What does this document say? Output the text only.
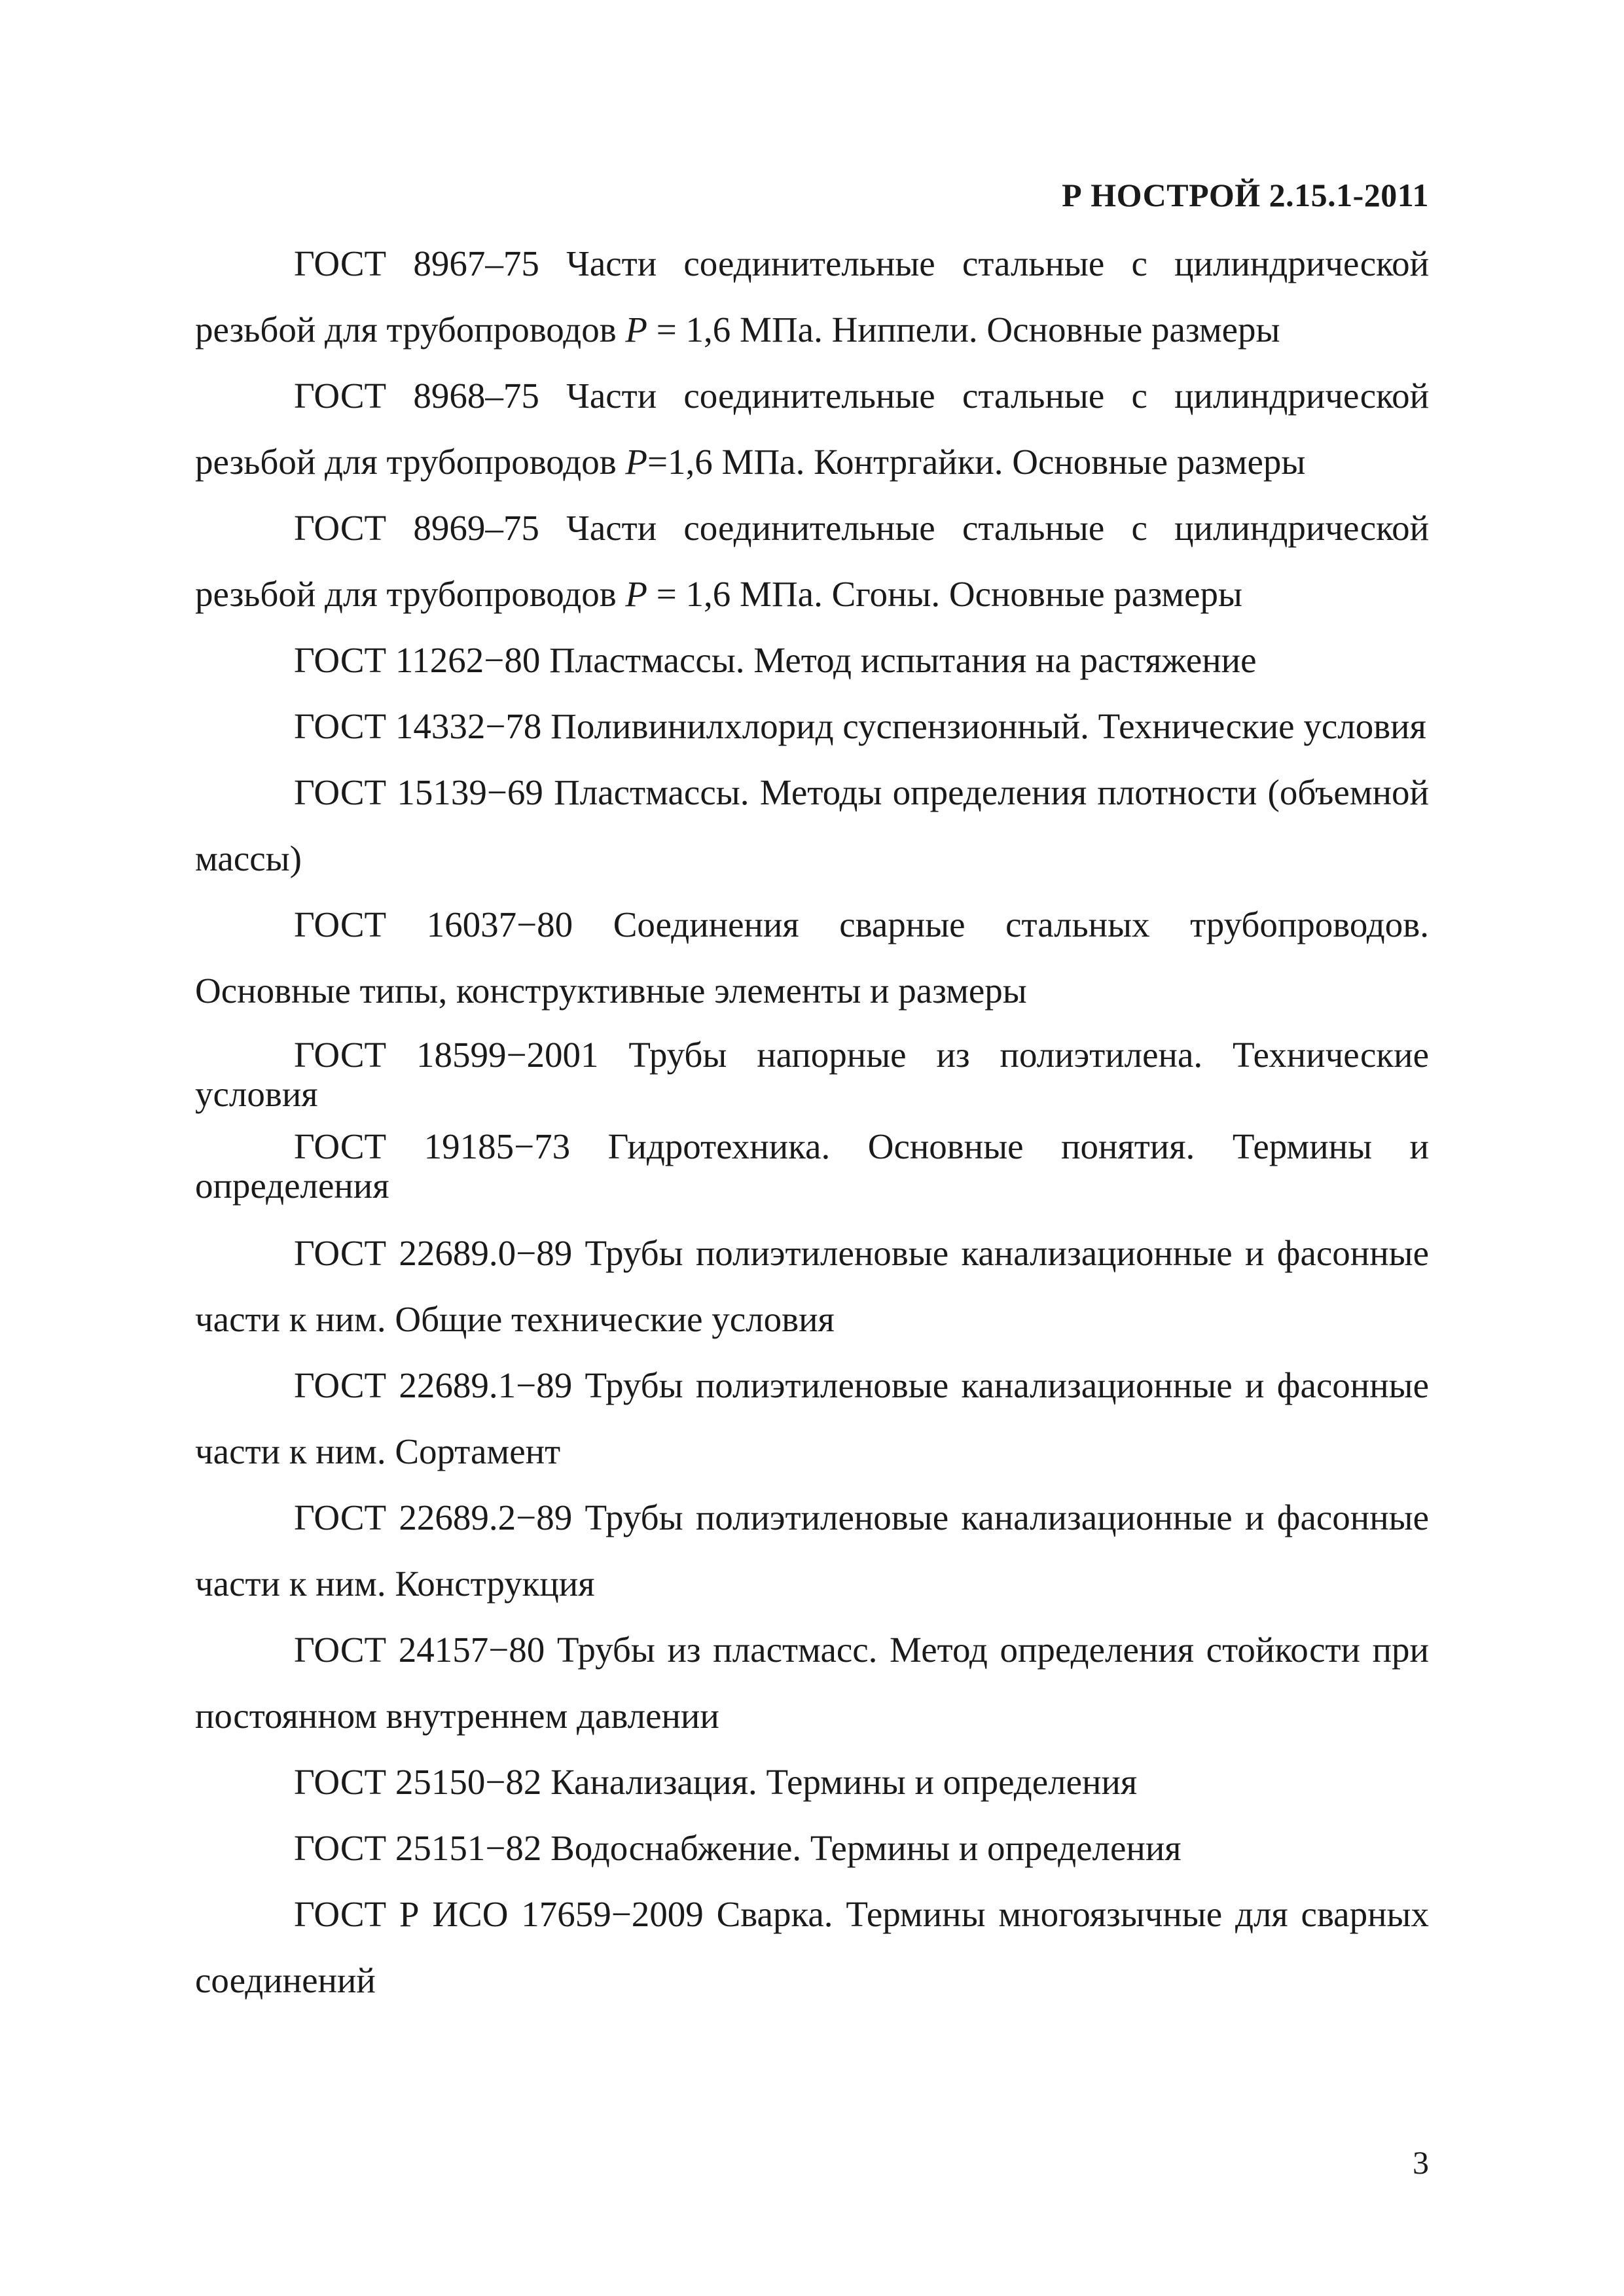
Р НОСТРОЙ 2.15.1-2011

ГОСТ 8967–75 Части соединительные стальные с цилиндрической резьбой для трубопроводов P = 1,6 МПа. Ниппели. Основные размеры

ГОСТ 8968–75 Части соединительные стальные с цилиндрической резьбой для трубопроводов P=1,6 МПа. Контргайки. Основные размеры

ГОСТ 8969–75 Части соединительные стальные с цилиндрической резьбой для трубопроводов P = 1,6 МПа. Сгоны. Основные размеры

ГОСТ 11262−80 Пластмассы. Метод испытания на растяжение

ГОСТ 14332−78 Поливинилхлорид суспензионный. Технические условия

ГОСТ 15139−69 Пластмассы. Методы определения плотности (объемной массы)

ГОСТ 16037−80 Соединения сварные стальных трубопроводов. Основные типы, конструктивные элементы и размеры

ГОСТ 18599−2001 Трубы напорные из полиэтилена. Технические условия

ГОСТ 19185−73 Гидротехника. Основные понятия. Термины и определения

ГОСТ 22689.0−89 Трубы полиэтиленовые канализационные и фасонные части к ним. Общие технические условия

ГОСТ 22689.1−89 Трубы полиэтиленовые канализационные и фасонные части к ним. Сортамент

ГОСТ 22689.2−89 Трубы полиэтиленовые канализационные и фасонные части к ним. Конструкция

ГОСТ 24157−80 Трубы из пластмасс. Метод определения стойкости при постоянном внутреннем давлении

ГОСТ 25150−82 Канализация. Термины и определения

ГОСТ 25151−82 Водоснабжение. Термины и определения

ГОСТ Р ИСО 17659−2009 Сварка. Термины многоязычные для сварных соединений

3
